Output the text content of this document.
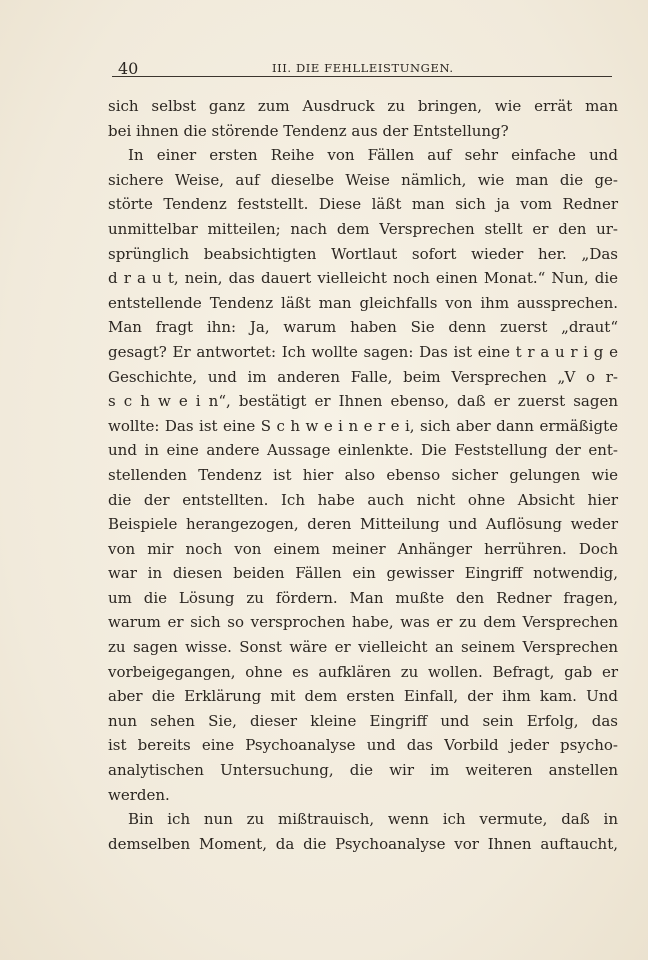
40	III. DIE FEHLLEISTUNGEN.
sich selbst ganz zum Ausdruck zu bringen, wie errät man
bei ihnen die störende Tendenz aus der Entstellung?
In einer ersten Reihe von Fällen auf sehr einfache und
sichere Weise, auf dieselbe Weise nämlich, wie man die ge-
störte Tendenz feststellt. Diese läßt man sich ja vom Redner
unmittelbar mitteilen; nach dem Versprechen stellt er den ur-
sprünglich beabsichtigten Wortlaut sofort wieder her. „Das
d r a u t, nein, das dauert vielleicht noch einen Monat.“ Nun, die
entstellende Tendenz läßt man gleichfalls von ihm aussprechen.
Man fragt ihn: Ja, warum haben Sie denn zuerst „draut“
gesagt? Er antwortet: Ich wollte sagen: Das ist eine t r a u r i g e
Geschichte, und im anderen Falle, beim Versprechen „V o r-
s c h w e i n“, bestätigt er Ihnen ebenso, daß er zuerst sagen
wollte: Das ist eine S c h w e i n e r e i, sich aber dann ermäßigte
und in eine andere Aussage einlenkte. Die Feststellung der ent-
stellenden Tendenz ist hier also ebenso sicher gelungen wie
die der entstellten. Ich habe auch nicht ohne Absicht hier
Beispiele herangezogen, deren Mitteilung und Auflösung weder
von mir noch von einem meiner Anhänger herrühren. Doch
war in diesen beiden Fällen ein gewisser Eingriff notwendig,
um die Lösung zu fördern. Man mußte den Redner fragen,
warum er sich so versprochen habe, was er zu dem Versprechen
zu sagen wisse. Sonst wäre er vielleicht an seinem Versprechen
vorbeigegangen, ohne es aufklären zu wollen. Befragt, gab er
aber die Erklärung mit dem ersten Einfall, der ihm kam. Und
nun sehen Sie, dieser kleine Eingriff und sein Erfolg, das
ist bereits eine Psychoanalyse und das Vorbild jeder psycho-
analytischen Untersuchung, die wir im weiteren anstellen
werden.
Bin ich nun zu mißtrauisch, wenn ich vermute, daß in
demselben Moment, da die Psychoanalyse vor Ihnen auftaucht,
